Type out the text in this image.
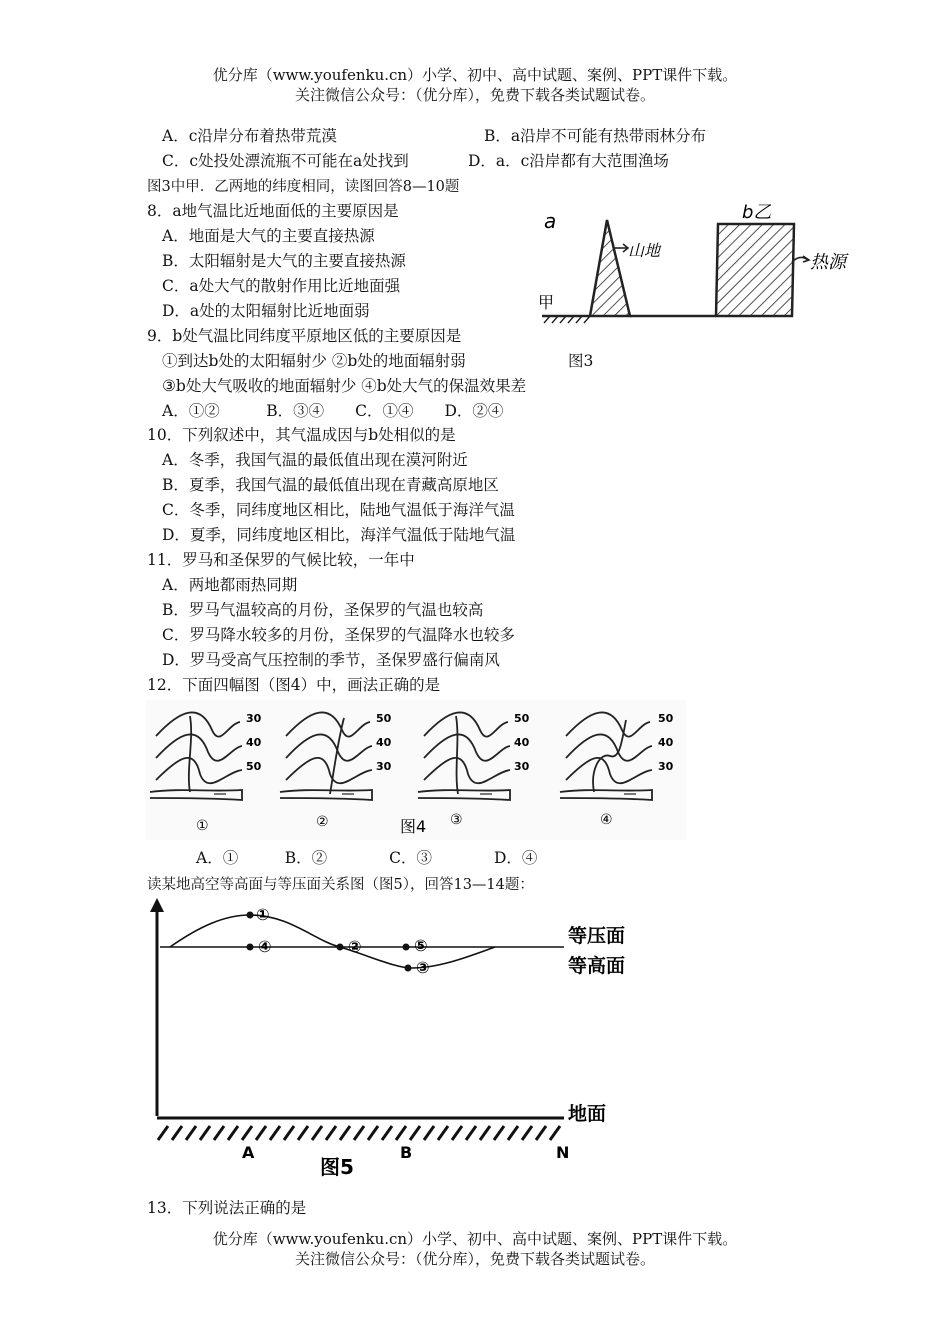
优分库（www.youfenku.cn）小学、初中、高中试题、案例、PPT课件下载。
关注微信公众号：（优分库），免费下载各类试题试卷。
A．c沿岸分布着热带荒漠	B．a沿岸不可能有热带雨林分布
C．c处投处漂流瓶不可能在a处找到	D．a．c沿岸都有大范围渔场
图3中甲．乙两地的纬度相同，读图回答8—10题
8．a地气温比近地面低的主要原因是
A．地面是大气的主要直接热源
B．太阳辐射是大气的主要直接热源
C．a处大气的散射作用比近地面强
D．a处的太阳辐射比近地面弱
a	b乙
甲
山地
热源
9．b处气温比同纬度平原地区低的主要原因是
①到达b处的太阳辐射少 ②b处的地面辐射弱	图3
③b处大气吸收的地面辐射少 ④b处大气的保温效果差
A．①②　　　B．③④　　C．①④　　D．②④
10．下列叙述中，其气温成因与b处相似的是
A．冬季，我国气温的最低值出现在漠河附近
B．夏季，我国气温的最低值出现在青藏高原地区
C．冬季，同纬度地区相比，陆地气温低于海洋气温
D．夏季，同纬度地区相比，海洋气温低于陆地气温
11．罗马和圣保罗的气候比较，一年中
A．两地都雨热同期
B．罗马气温较高的月份，圣保罗的气温也较高
C．罗马降水较多的月份，圣保罗的气温降水也较多
D．罗马受高气压控制的季节，圣保罗盛行偏南风
12．下面四幅图（图4）中，画法正确的是
30
40
50
①
50
40
30
②	图4
50
40
30
③
50
40
30
④
A．①　　　B．②　　　　C．③　　　　D．④
读某地高空等高面与等压面关系图（图5），回答13—14题：
①
②
③
④	⑤	等压面
等高面
地面
A	B	N
图5
13．下列说法正确的是
优分库（www.youfenku.cn）小学、初中、高中试题、案例、PPT课件下载。
关注微信公众号：（优分库），免费下载各类试题试卷。
